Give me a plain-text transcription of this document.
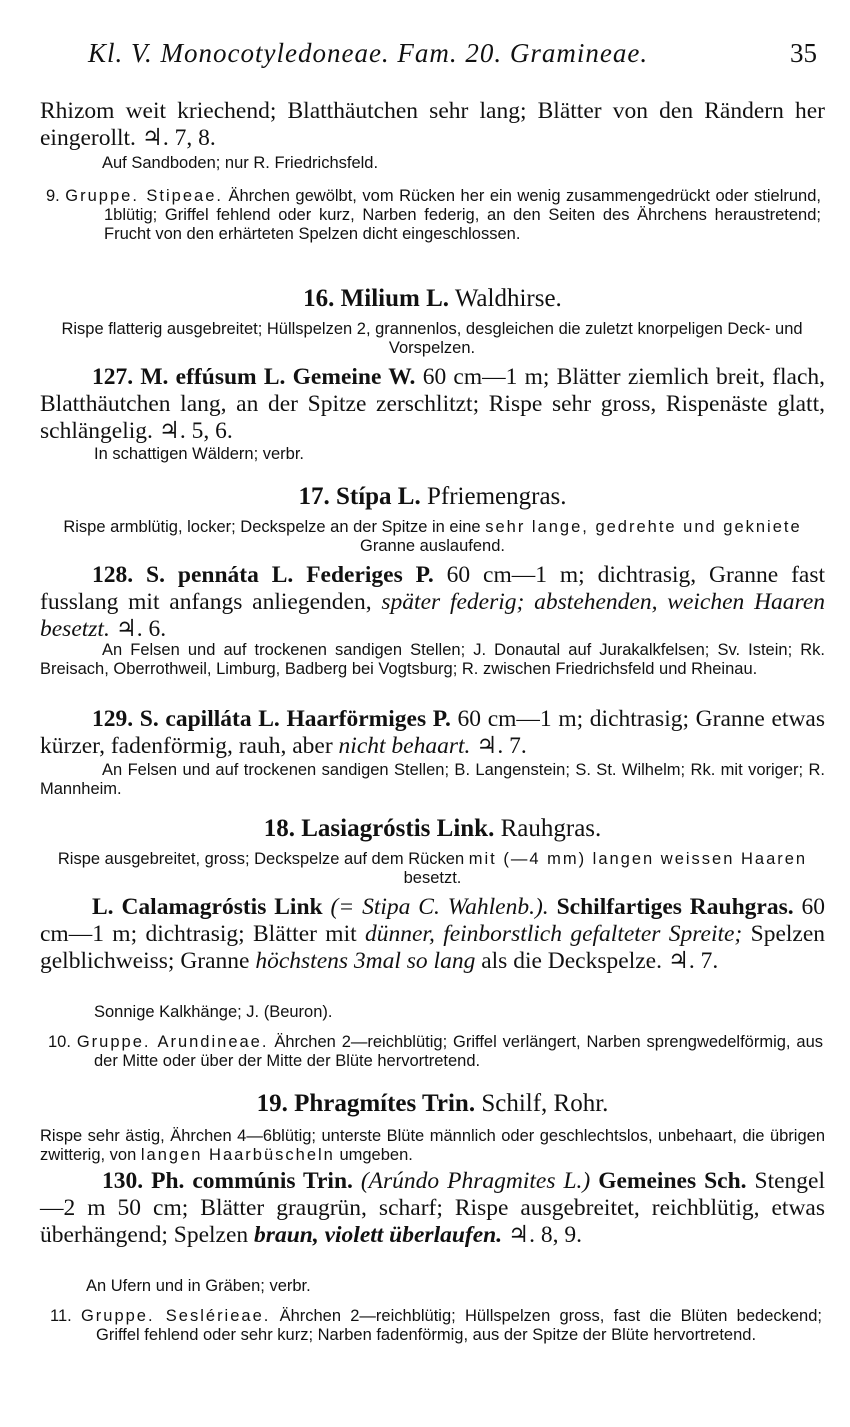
Kl. V. Monocotyledoneae. Fam. 20. Gramineae.	35
Rhizom weit kriechend; Blatthäutchen sehr lang; Blätter von den Rändern her eingerollt. ♃. 7, 8.
Auf Sandboden; nur R. Friedrichsfeld.
9. Gruppe. Stipeae. Ährchen gewölbt, vom Rücken her ein wenig zusammengedrückt oder stielrund, 1blütig; Griffel fehlend oder kurz, Narben federig, an den Seiten des Ährchens heraustretend; Frucht von den erhärteten Spelzen dicht eingeschlossen.
16. Milium L. Waldhirse.
Rispe flatterig ausgebreitet; Hüllspelzen 2, grannenlos, desgleichen die zuletzt knorpeligen Deck- und Vorspelzen.
127. M. effúsum L. Gemeine W. 60 cm—1 m; Blätter ziemlich breit, flach, Blatthäutchen lang, an der Spitze zerschlitzt; Rispe sehr gross, Rispenäste glatt, schlängelig. ♃. 5, 6.
In schattigen Wäldern; verbr.
17. Stípa L. Pfriemengras.
Rispe armblütig, locker; Deckspelze an der Spitze in eine sehr lange, gedrehte und gekniete Granne auslaufend.
128. S. pennáta L. Federiges P. 60 cm—1 m; dichtrasig, Granne fast fusslang mit anfangs anliegenden, später federig; abstehenden, weichen Haaren besetzt. ♃. 6.
An Felsen und auf trockenen sandigen Stellen; J. Donautal auf Jurakalkfelsen; Sv. Istein; Rk. Breisach, Oberrothweil, Limburg, Badberg bei Vogtsburg; R. zwischen Friedrichsfeld und Rheinau.
129. S. capilláta L. Haarförmiges P. 60 cm—1 m; dichtrasig; Granne etwas kürzer, fadenförmig, rauh, aber nicht behaart. ♃. 7.
An Felsen und auf trockenen sandigen Stellen; B. Langenstein; S. St. Wilhelm; Rk. mit voriger; R. Mannheim.
18. Lasiagróstis Link. Rauhgras.
Rispe ausgebreitet, gross; Deckspelze auf dem Rücken mit (—4 mm) langen weissen Haaren besetzt.
L. Calamagróstis Link (= Stipa C. Wahlenb.). Schilfartiges Rauhgras. 60 cm—1 m; dichtrasig; Blätter mit dünner, feinborstlich gefalteter Spreite; Spelzen gelblichweiss; Granne höchstens 3mal so lang als die Deckspelze. ♃. 7.
Sonnige Kalkhänge; J. (Beuron).
10. Gruppe. Arundineae. Ährchen 2—reichblütig; Griffel verlängert, Narben sprengwedelförmig, aus der Mitte oder über der Mitte der Blüte hervortretend.
19. Phragmítes Trin. Schilf, Rohr.
Rispe sehr ästig, Ährchen 4—6blütig; unterste Blüte männlich oder geschlechtslos, unbehaart, die übrigen zwitterig, von langen Haarbüscheln umgeben.
130. Ph. commúnis Trin. (Arúndo Phragmites L.) Gemeines Sch. Stengel —2 m 50 cm; Blätter graugrün, scharf; Rispe ausgebreitet, reichblütig, etwas überhängend; Spelzen braun, violett überlaufen. ♃. 8, 9.
An Ufern und in Gräben; verbr.
11. Gruppe. Seslérieae. Ährchen 2—reichblütig; Hüllspelzen gross, fast die Blüten bedeckend; Griffel fehlend oder sehr kurz; Narben fadenförmig, aus der Spitze der Blüte hervortretend.
